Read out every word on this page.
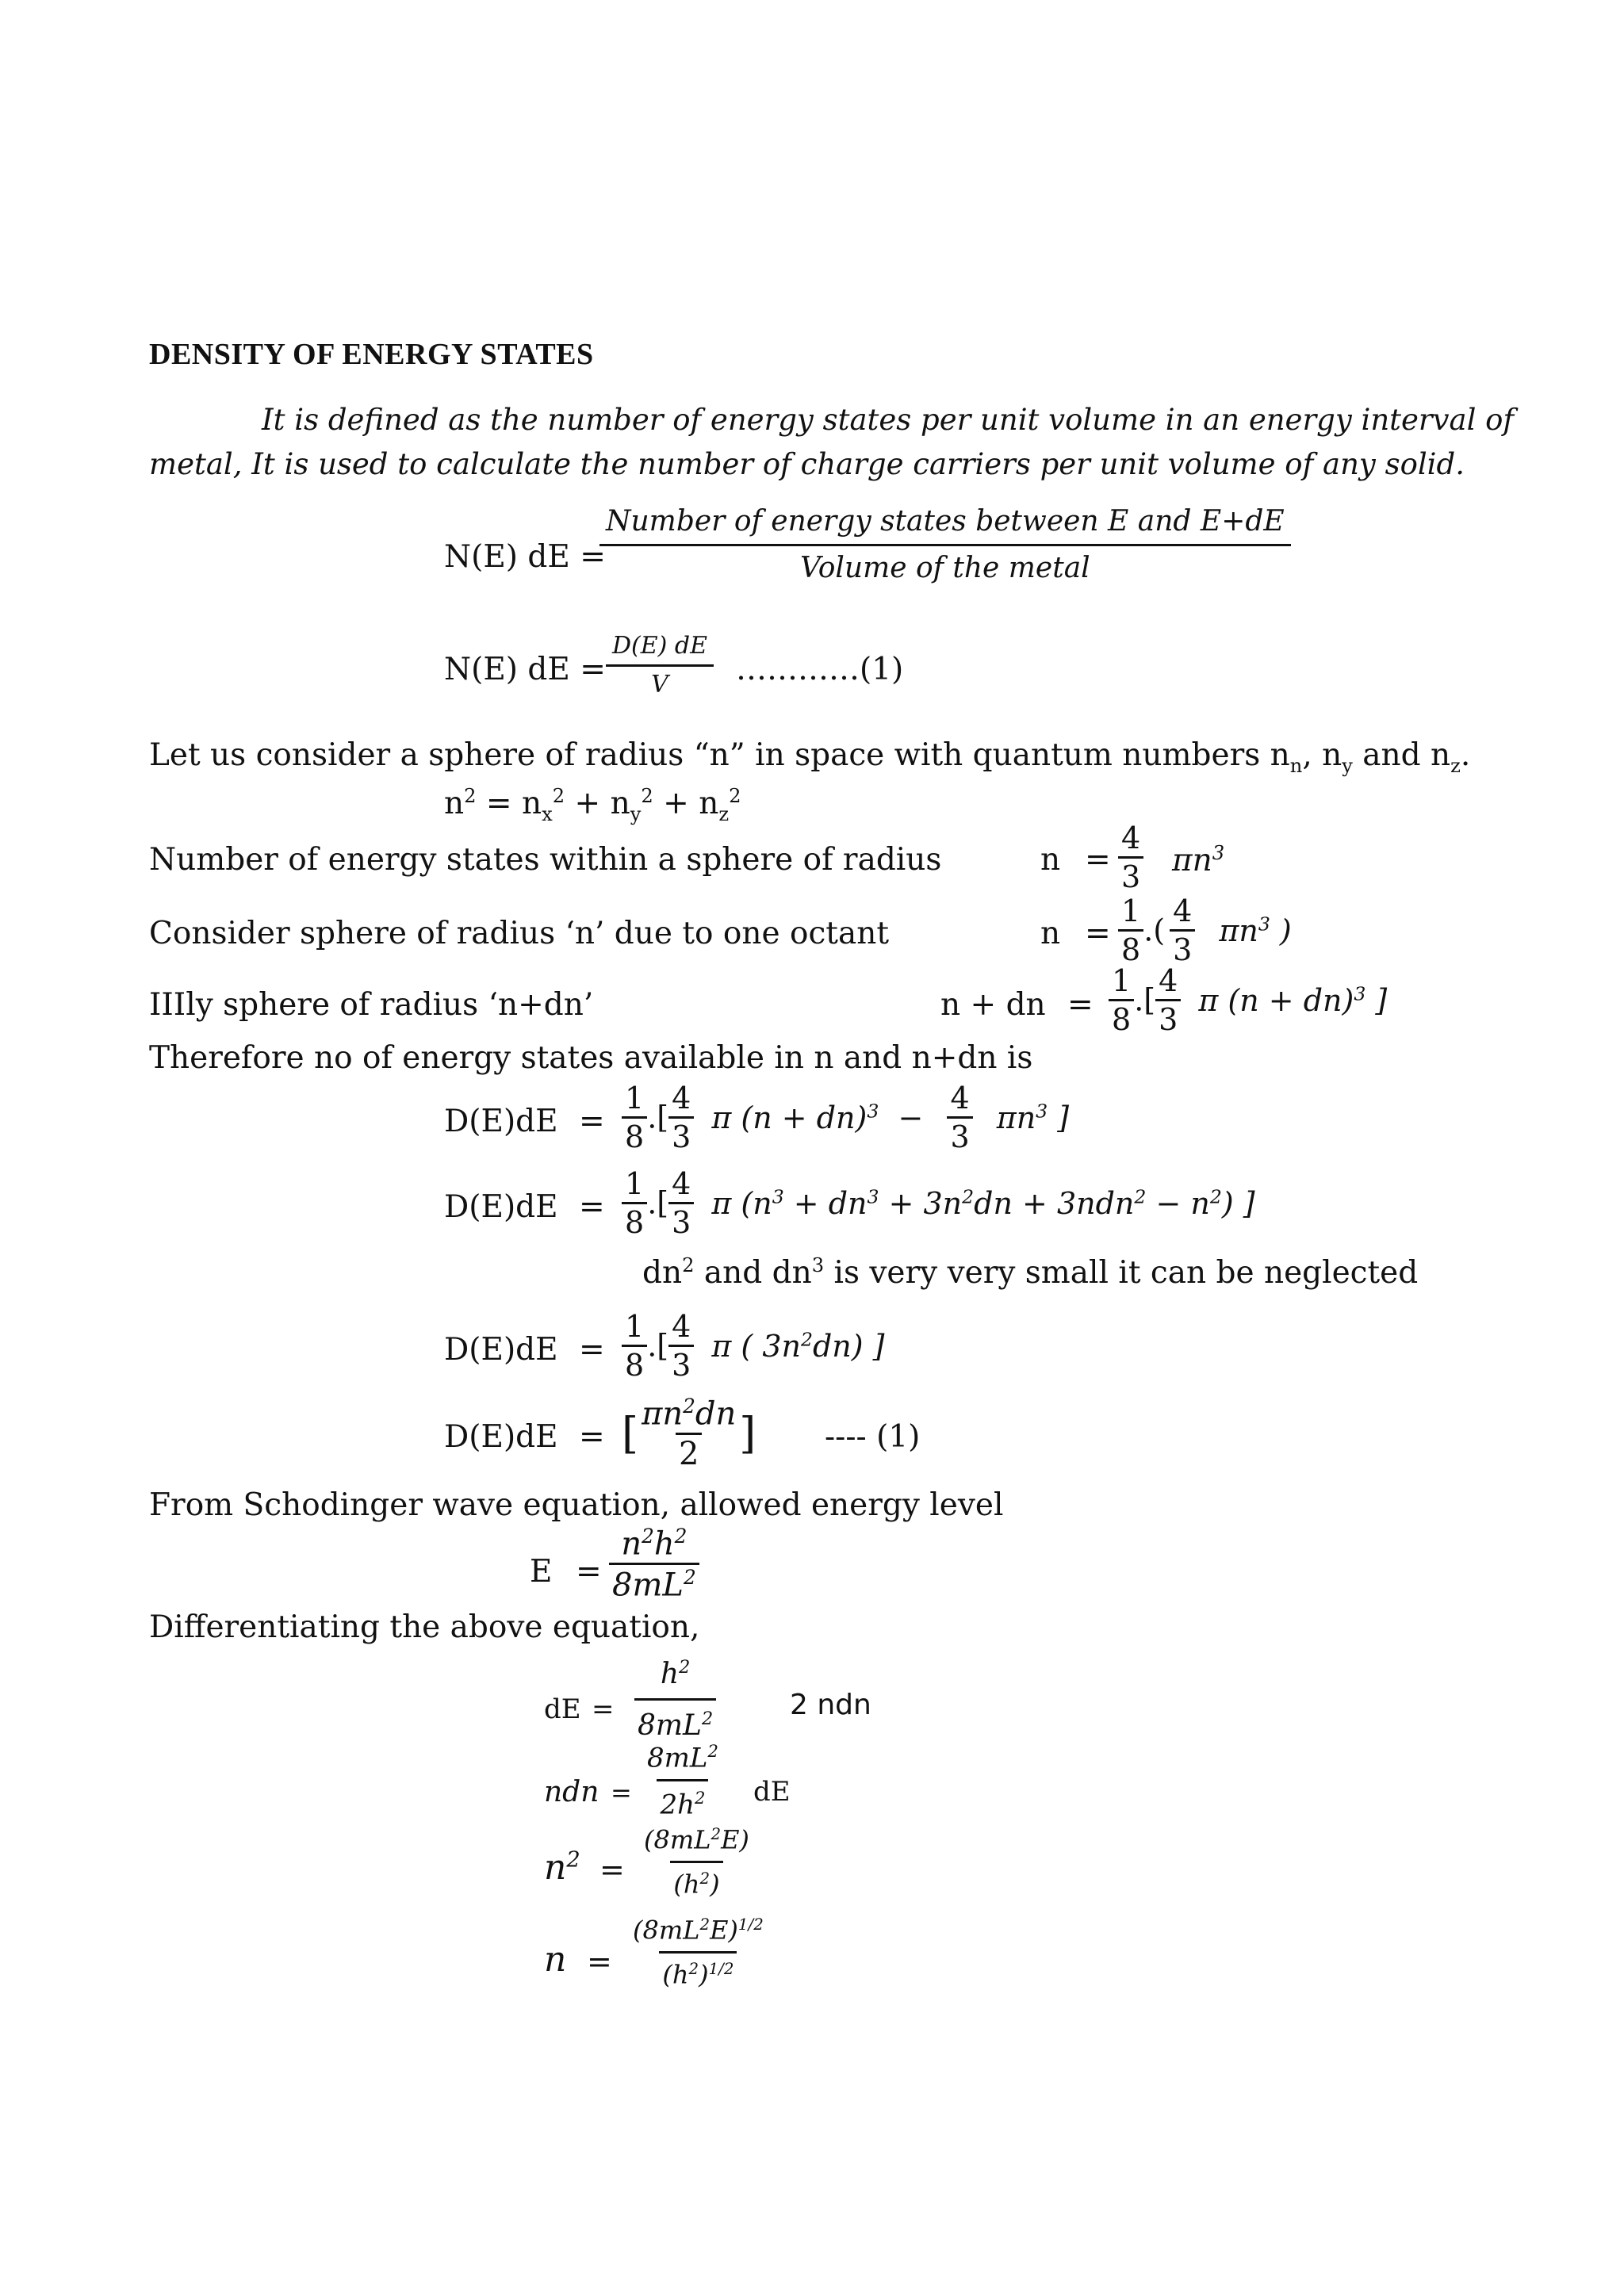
DENSITY OF ENERGY STATES
It is defined as the number of energy states per unit volume in an energy interval of
metal, It is used to calculate the number of charge carriers per unit volume of any solid.
N(E) dE =
$\frac{\text{Number of energy states between E and E+dE}}{\text{Volume of the metal}}$
N(E) dE = $\frac{D(E) dE}{V}$ …………(1)
Let us consider a sphere of radius “n” in space with quantum numbers $n_n$, $n_y$ and $n_z$.
$n^2 = n_x^2 + n_y^2 + n_z^2$
Number of energy states within a sphere of radius	$n = \frac{4}{3} \pi n^3$
Consider sphere of radius ‘n’ due to one octant	$n = \frac{1}{8}$ .( $\frac{4}{3} \pi n^3$ )
IIIly sphere of radius ‘n+dn’	n + dn = $\frac{1}{8}$ .[ $\frac{4}{3}$ π (n + dn)$^3$ ]
Therefore no of energy states available in n and n+dn is
$D(E)dE = \frac{1}{8}$ .[ $\frac{4}{3}$ π $(n + dn)^3 - \frac{4}{3} \pi n^3$ ]
$D(E)dE = \frac{1}{8}$ .[ $\frac{4}{3}$ π $(n^3 + dn^3 + 3n^2dn + 3ndn^2 - n^2)$ ]
$dn^2$ and $dn^3$ is very very small it can be neglected
$D(E)dE = \frac{1}{8}$ .[ $\frac{4}{3}$ π ( $3n^2dn$) ]
D(E)dE = [ $\frac{\pi n^2dn}{2}$ ] ---- (1)
From Schodinger wave equation, allowed energy level
$E = \frac{n^2h^2}{8mL^2}$
Differentiating the above equation,
dE = $\frac{h^2}{8mL^2}$	2 ndn
ndn = $\frac{8mL^2}{2h^2}$ dE
$n^2 = \frac{(8mL^2E)}{(h^2)}$
$n = \frac{(8mL^2E)^{1/2}}{(h^2)^{1/2}}$
